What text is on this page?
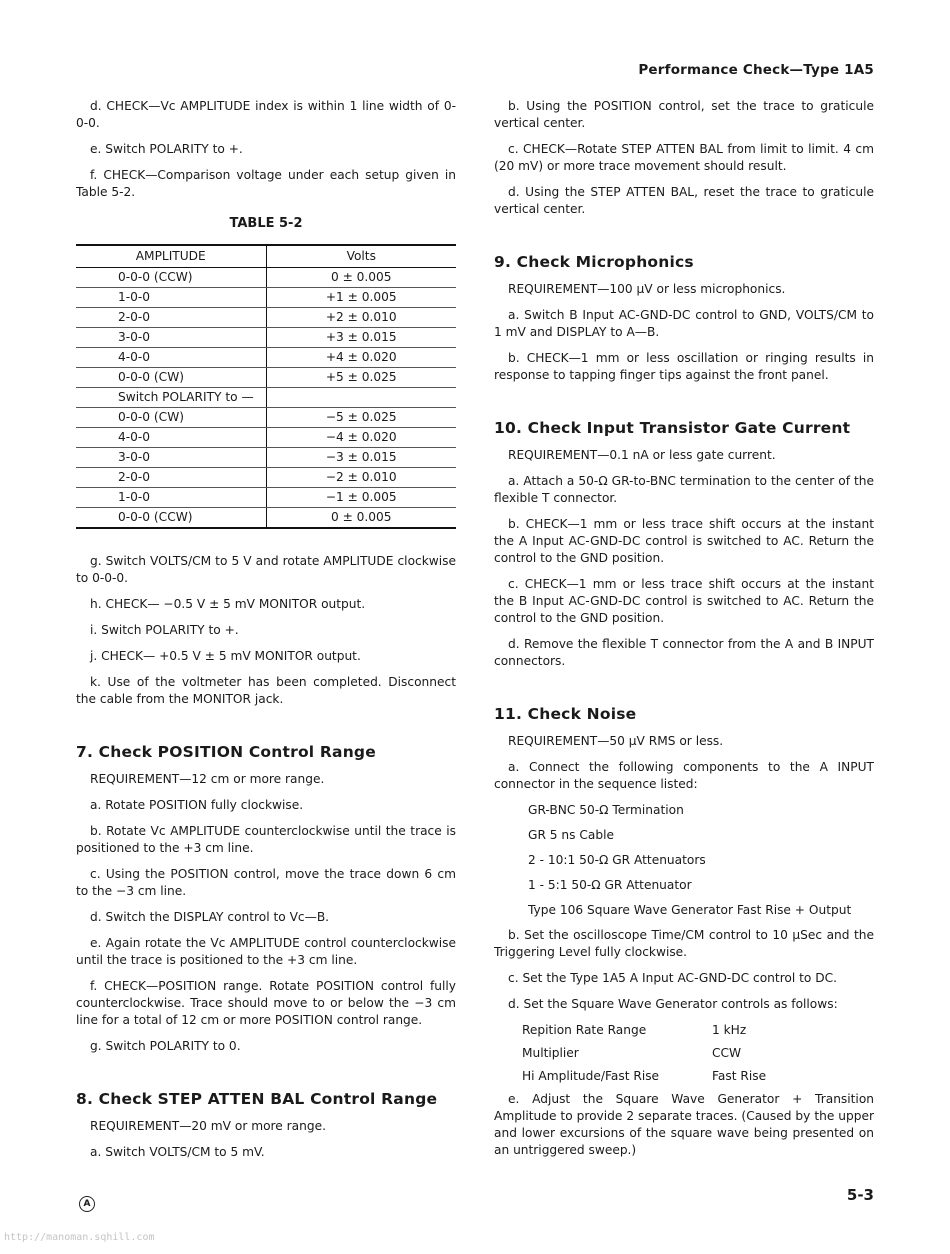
Performance Check—Type 1A5

d. CHECK—Vc AMPLITUDE index is within 1 line width of 0-0-0.

e. Switch POLARITY to +.

f. CHECK—Comparison voltage under each setup given in Table 5-2.

TABLE 5-2
AMPLITUDE	Volts
0-0-0 (CCW)	0 ± 0.005
1-0-0	+1 ± 0.005
2-0-0	+2 ± 0.010
3-0-0	+3 ± 0.015
4-0-0	+4 ± 0.020
0-0-0 (CW)	+5 ± 0.025
Switch POLARITY to —	
0-0-0 (CW)	−5 ± 0.025
4-0-0	−4 ± 0.020
3-0-0	−3 ± 0.015
2-0-0	−2 ± 0.010
1-0-0	−1 ± 0.005
0-0-0 (CCW)	0 ± 0.005

g. Switch VOLTS/CM to 5 V and rotate AMPLITUDE clockwise to 0-0-0.

h. CHECK— −0.5 V ± 5 mV MONITOR output.

i. Switch POLARITY to +.

j. CHECK— +0.5 V ± 5 mV MONITOR output.

k. Use of the voltmeter has been completed. Disconnect the cable from the MONITOR jack.

7. Check POSITION Control Range

REQUIREMENT—12 cm or more range.

a. Rotate POSITION fully clockwise.

b. Rotate Vc AMPLITUDE counterclockwise until the trace is positioned to the +3 cm line.

c. Using the POSITION control, move the trace down 6 cm to the −3 cm line.

d. Switch the DISPLAY control to Vc—B.

e. Again rotate the Vc AMPLITUDE control counterclockwise until the trace is positioned to the +3 cm line.

f. CHECK—POSITION range. Rotate POSITION control fully counterclockwise. Trace should move to or below the −3 cm line for a total of 12 cm or more POSITION control range.

g. Switch POLARITY to 0.

8. Check STEP ATTEN BAL Control Range

REQUIREMENT—20 mV or more range.

a. Switch VOLTS/CM to 5 mV.

b. Using the POSITION control, set the trace to graticule vertical center.

c. CHECK—Rotate STEP ATTEN BAL from limit to limit. 4 cm (20 mV) or more trace movement should result.

d. Using the STEP ATTEN BAL, reset the trace to graticule vertical center.

9. Check Microphonics

REQUIREMENT—100 μV or less microphonics.

a. Switch B Input AC-GND-DC control to GND, VOLTS/CM to 1 mV and DISPLAY to A—B.

b. CHECK—1 mm or less oscillation or ringing results in response to tapping finger tips against the front panel.

10. Check Input Transistor Gate Current

REQUIREMENT—0.1 nA or less gate current.

a. Attach a 50-Ω GR-to-BNC termination to the center of the flexible T connector.

b. CHECK—1 mm or less trace shift occurs at the instant the A Input AC-GND-DC control is switched to AC. Return the control to the GND position.

c. CHECK—1 mm or less trace shift occurs at the instant the B Input AC-GND-DC control is switched to AC. Return the control to the GND position.

d. Remove the flexible T connector from the A and B INPUT connectors.

11. Check Noise

REQUIREMENT—50 μV RMS or less.

a. Connect the following components to the A INPUT connector in the sequence listed:

GR-BNC 50-Ω Termination
GR 5 ns Cable
2 - 10:1 50-Ω GR Attenuators
1 - 5:1 50-Ω GR Attenuator
Type 106 Square Wave Generator Fast Rise + Output

b. Set the oscilloscope Time/CM control to 10 μSec and the Triggering Level fully clockwise.

c. Set the Type 1A5 A Input AC-GND-DC control to DC.

d. Set the Square Wave Generator controls as follows:

Repition Rate Range	1 kHz
Multiplier	CCW
Hi Amplitude/Fast Rise	Fast Rise

e. Adjust the Square Wave Generator + Transition Amplitude to provide 2 separate traces. (Caused by the upper and lower excursions of the square wave being presented on an untriggered sweep.)

A	5-3
http://manoman.sqhill.com
